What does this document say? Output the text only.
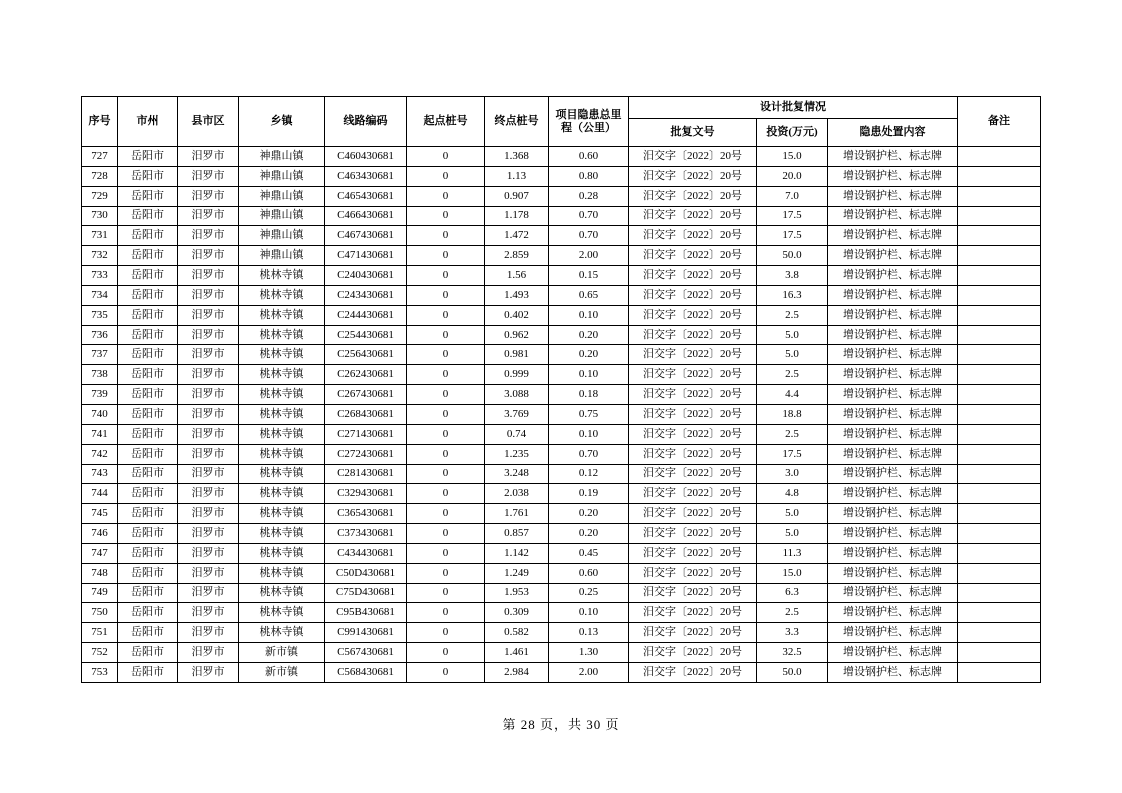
序号	市州	县市区	乡镇	线路编码	起点桩号	终点桩号	项目隐患总里程（公里）	设计批复情况			备注
								批复文号	投资(万元)	隐患处置内容	
727	岳阳市	汨罗市	神鼎山镇	C460430681	0	1.368	0.60	汨交字〔2022〕20号	15.0	增设钢护栏、标志牌	
728	岳阳市	汨罗市	神鼎山镇	C463430681	0	1.13	0.80	汨交字〔2022〕20号	20.0	增设钢护栏、标志牌	
729	岳阳市	汨罗市	神鼎山镇	C465430681	0	0.907	0.28	汨交字〔2022〕20号	7.0	增设钢护栏、标志牌	
730	岳阳市	汨罗市	神鼎山镇	C466430681	0	1.178	0.70	汨交字〔2022〕20号	17.5	增设钢护栏、标志牌	
731	岳阳市	汨罗市	神鼎山镇	C467430681	0	1.472	0.70	汨交字〔2022〕20号	17.5	增设钢护栏、标志牌	
732	岳阳市	汨罗市	神鼎山镇	C471430681	0	2.859	2.00	汨交字〔2022〕20号	50.0	增设钢护栏、标志牌	
733	岳阳市	汨罗市	桃林寺镇	C240430681	0	1.56	0.15	汨交字〔2022〕20号	3.8	增设钢护栏、标志牌	
734	岳阳市	汨罗市	桃林寺镇	C243430681	0	1.493	0.65	汨交字〔2022〕20号	16.3	增设钢护栏、标志牌	
735	岳阳市	汨罗市	桃林寺镇	C244430681	0	0.402	0.10	汨交字〔2022〕20号	2.5	增设钢护栏、标志牌	
736	岳阳市	汨罗市	桃林寺镇	C254430681	0	0.962	0.20	汨交字〔2022〕20号	5.0	增设钢护栏、标志牌	
737	岳阳市	汨罗市	桃林寺镇	C256430681	0	0.981	0.20	汨交字〔2022〕20号	5.0	增设钢护栏、标志牌	
738	岳阳市	汨罗市	桃林寺镇	C262430681	0	0.999	0.10	汨交字〔2022〕20号	2.5	增设钢护栏、标志牌	
739	岳阳市	汨罗市	桃林寺镇	C267430681	0	3.088	0.18	汨交字〔2022〕20号	4.4	增设钢护栏、标志牌	
740	岳阳市	汨罗市	桃林寺镇	C268430681	0	3.769	0.75	汨交字〔2022〕20号	18.8	增设钢护栏、标志牌	
741	岳阳市	汨罗市	桃林寺镇	C271430681	0	0.74	0.10	汨交字〔2022〕20号	2.5	增设钢护栏、标志牌	
742	岳阳市	汨罗市	桃林寺镇	C272430681	0	1.235	0.70	汨交字〔2022〕20号	17.5	增设钢护栏、标志牌	
743	岳阳市	汨罗市	桃林寺镇	C281430681	0	3.248	0.12	汨交字〔2022〕20号	3.0	增设钢护栏、标志牌	
744	岳阳市	汨罗市	桃林寺镇	C329430681	0	2.038	0.19	汨交字〔2022〕20号	4.8	增设钢护栏、标志牌	
745	岳阳市	汨罗市	桃林寺镇	C365430681	0	1.761	0.20	汨交字〔2022〕20号	5.0	增设钢护栏、标志牌	
746	岳阳市	汨罗市	桃林寺镇	C373430681	0	0.857	0.20	汨交字〔2022〕20号	5.0	增设钢护栏、标志牌	
747	岳阳市	汨罗市	桃林寺镇	C434430681	0	1.142	0.45	汨交字〔2022〕20号	11.3	增设钢护栏、标志牌	
748	岳阳市	汨罗市	桃林寺镇	C50D430681	0	1.249	0.60	汨交字〔2022〕20号	15.0	增设钢护栏、标志牌	
749	岳阳市	汨罗市	桃林寺镇	C75D430681	0	1.953	0.25	汨交字〔2022〕20号	6.3	增设钢护栏、标志牌	
750	岳阳市	汨罗市	桃林寺镇	C95B430681	0	0.309	0.10	汨交字〔2022〕20号	2.5	增设钢护栏、标志牌	
751	岳阳市	汨罗市	桃林寺镇	C991430681	0	0.582	0.13	汨交字〔2022〕20号	3.3	增设钢护栏、标志牌	
752	岳阳市	汨罗市	新市镇	C567430681	0	1.461	1.30	汨交字〔2022〕20号	32.5	增设钢护栏、标志牌	
753	岳阳市	汨罗市	新市镇	C568430681	0	2.984	2.00	汨交字〔2022〕20号	50.0	增设钢护栏、标志牌	
第 28 页，共 30 页
